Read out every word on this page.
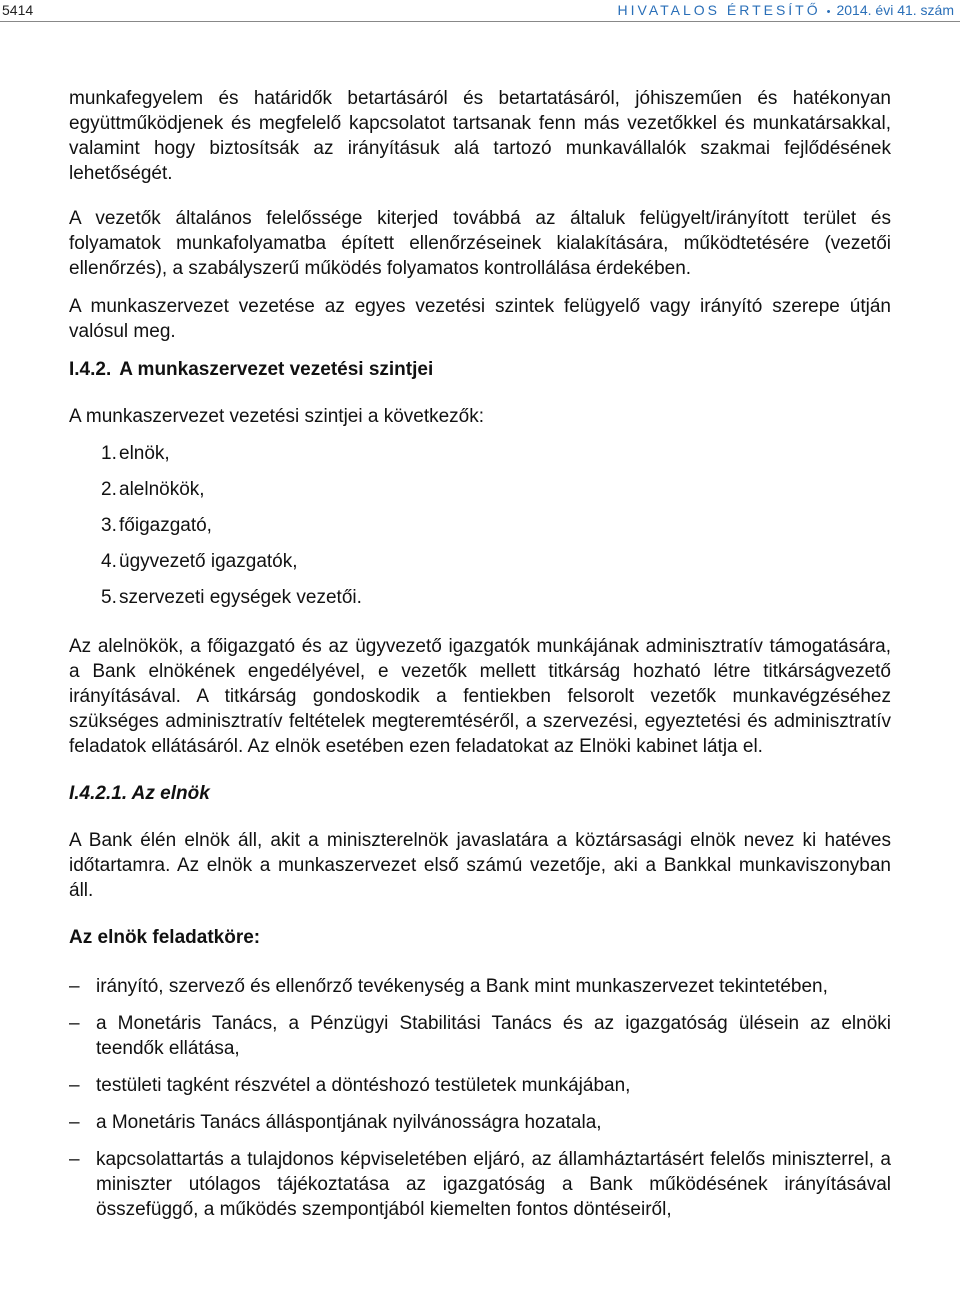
5414	HIVATALOS ÉRTESÍTŐ • 2014. évi 41. szám

munkafegyelem és határidők betartásáról és betartatásáról, jóhiszeműen és hatékonyan együttműködjenek és megfelelő kapcsolatot tartsanak fenn más vezetőkkel és munkatársakkal, valamint hogy biztosítsák az irányításuk alá tartozó munkavállalók szakmai fejlődésének lehetőségét.

A vezetők általános felelőssége kiterjed továbbá az általuk felügyelt/irányított terület és folyamatok munkafolyamatba épített ellenőrzéseinek kialakítására, működtetésére (vezetői ellenőrzés), a szabályszerű működés folyamatos kontrollálása érdekében.

A munkaszervezet vezetése az egyes vezetési szintek felügyelő vagy irányító szerepe útján valósul meg.

I.4.2. A munkaszervezet vezetési szintjei

A munkaszervezet vezetési szintjei a következők:

1. elnök,
2. alelnökök,
3. főigazgató,
4. ügyvezető igazgatók,
5. szervezeti egységek vezetői.

Az alelnökök, a főigazgató és az ügyvezető igazgatók munkájának adminisztratív támogatására, a Bank elnökének engedélyével, e vezetők mellett titkárság hozható létre titkárságvezető irányításával. A titkárság gondoskodik a fentiekben felsorolt vezetők munkavégzéséhez szükséges adminisztratív feltételek megteremtéséről, a szervezési, egyeztetési és adminisztratív feladatok ellátásáról. Az elnök esetében ezen feladatokat az Elnöki kabinet látja el.

I.4.2.1. Az elnök

A Bank élén elnök áll, akit a miniszterelnök javaslatára a köztársasági elnök nevez ki hatéves időtartamra. Az elnök a munkaszervezet első számú vezetője, aki a Bankkal munkaviszonyban áll.

Az elnök feladatköre:

– irányító, szervező és ellenőrző tevékenység a Bank mint munkaszervezet tekintetében,
– a Monetáris Tanács, a Pénzügyi Stabilitási Tanács és az igazgatóság ülésein az elnöki teendők ellátása,
– testületi tagként részvétel a döntéshozó testületek munkájában,
– a Monetáris Tanács álláspontjának nyilvánosságra hozatala,
– kapcsolattartás a tulajdonos képviseletében eljáró, az államháztartásért felelős miniszterrel, a miniszter utólagos tájékoztatása az igazgatóság a Bank működésének irányításával összefüggő, a működés szempontjából kiemelten fontos döntéseiről,
